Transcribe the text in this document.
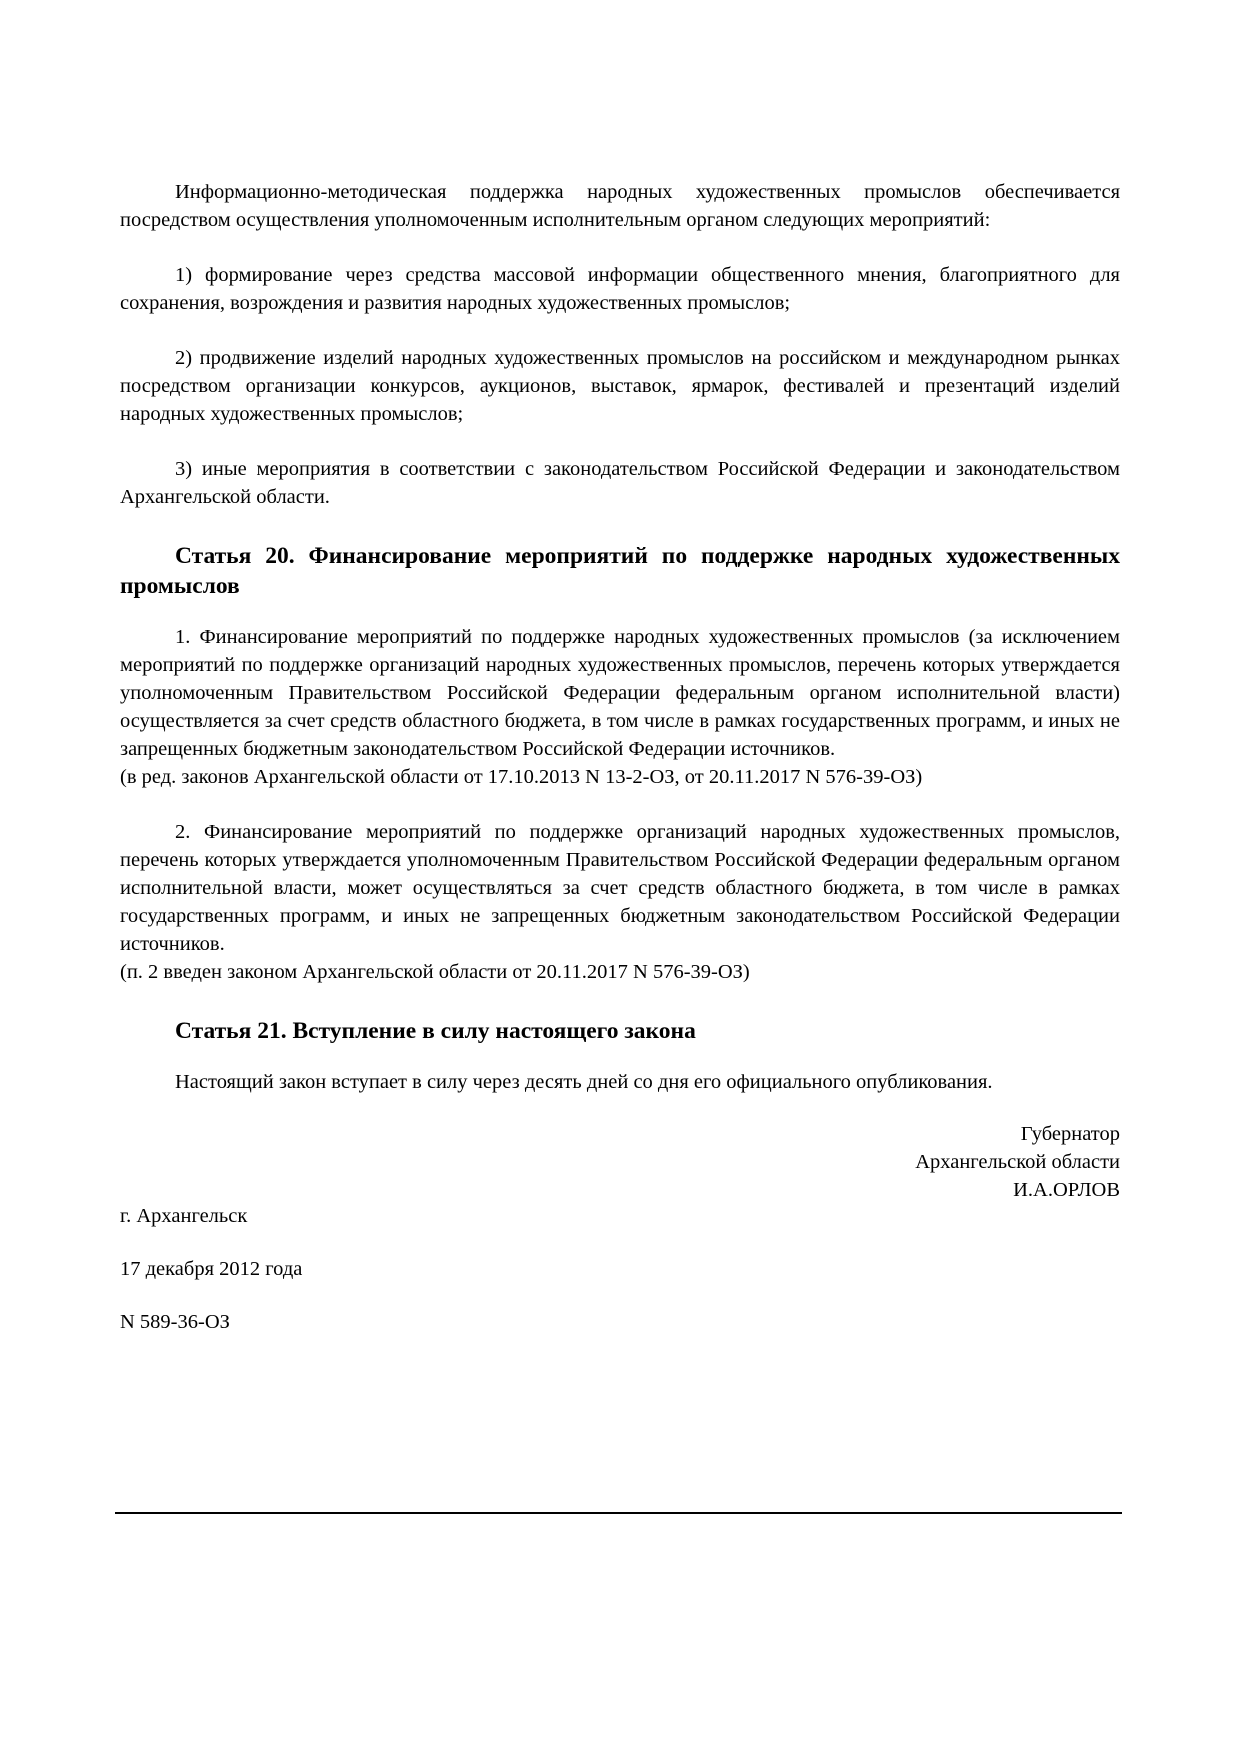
Информационно-методическая поддержка народных художественных промыслов обеспечивается посредством осуществления уполномоченным исполнительным органом следующих мероприятий:

1) формирование через средства массовой информации общественного мнения, благоприятного для сохранения, возрождения и развития народных художественных промыслов;

2) продвижение изделий народных художественных промыслов на российском и международном рынках посредством организации конкурсов, аукционов, выставок, ярмарок, фестивалей и презентаций изделий народных художественных промыслов;

3) иные мероприятия в соответствии с законодательством Российской Федерации и законодательством Архангельской области.

Статья 20. Финансирование мероприятий по поддержке народных художественных промыслов

1. Финансирование мероприятий по поддержке народных художественных промыслов (за исключением мероприятий по поддержке организаций народных художественных промыслов, перечень которых утверждается уполномоченным Правительством Российской Федерации федеральным органом исполнительной власти) осуществляется за счет средств областного бюджета, в том числе в рамках государственных программ, и иных не запрещенных бюджетным законодательством Российской Федерации источников.

(в ред. законов Архангельской области от 17.10.2013 N 13-2-ОЗ, от 20.11.2017 N 576-39-ОЗ)

2. Финансирование мероприятий по поддержке организаций народных художественных промыслов, перечень которых утверждается уполномоченным Правительством Российской Федерации федеральным органом исполнительной власти, может осуществляться за счет средств областного бюджета, в том числе в рамках государственных программ, и иных не запрещенных бюджетным законодательством Российской Федерации источников.

(п. 2 введен законом Архангельской области от 20.11.2017 N 576-39-ОЗ)

Статья 21. Вступление в силу настоящего закона

Настоящий закон вступает в силу через десять дней со дня его официального опубликования.

Губернатор
Архангельской области
И.А.ОРЛОВ
г. Архангельск
17 декабря 2012 года
N 589-36-ОЗ
